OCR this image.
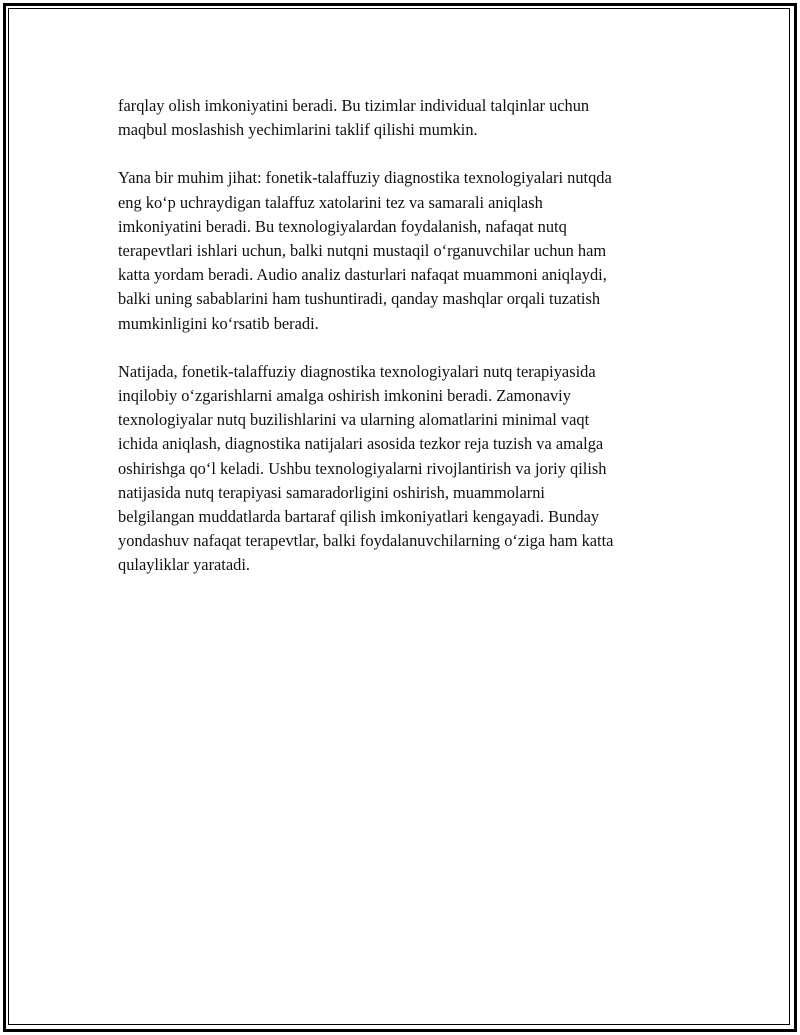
farqlay olish imkoniyatini beradi. Bu tizimlar individual talqinlar uchun
maqbul moslashish yechimlarini taklif qilishi mumkin.

Yana bir muhim jihat: fonetik-talaffuziy diagnostika texnologiyalari nutqda
eng koʻp uchraydigan talaffuz xatolarini tez va samarali aniqlash
imkoniyatini beradi. Bu texnologiyalardan foydalanish, nafaqat nutq
terapevtlari ishlari uchun, balki nutqni mustaqil oʻrganuvchilar uchun ham
katta yordam beradi. Audio analiz dasturlari nafaqat muammoni aniqlaydi,
balki uning sabablarini ham tushuntiradi, qanday mashqlar orqali tuzatish
mumkinligini koʻrsatib beradi.

Natijada, fonetik-talaffuziy diagnostika texnologiyalari nutq terapiyasida
inqilobiy oʻzgarishlarni amalga oshirish imkonini beradi. Zamonaviy
texnologiyalar nutq buzilishlarini va ularning alomatlarini minimal vaqt
ichida aniqlash, diagnostika natijalari asosida tezkor reja tuzish va amalga
oshirishga qoʻl keladi. Ushbu texnologiyalarni rivojlantirish va joriy qilish
natijasida nutq terapiyasi samaradorligini oshirish, muammolarni
belgilangan muddatlarda bartaraf qilish imkoniyatlari kengayadi. Bunday
yondashuv nafaqat terapevtlar, balki foydalanuvchilarning oʻziga ham katta
qulayliklar yaratadi.
